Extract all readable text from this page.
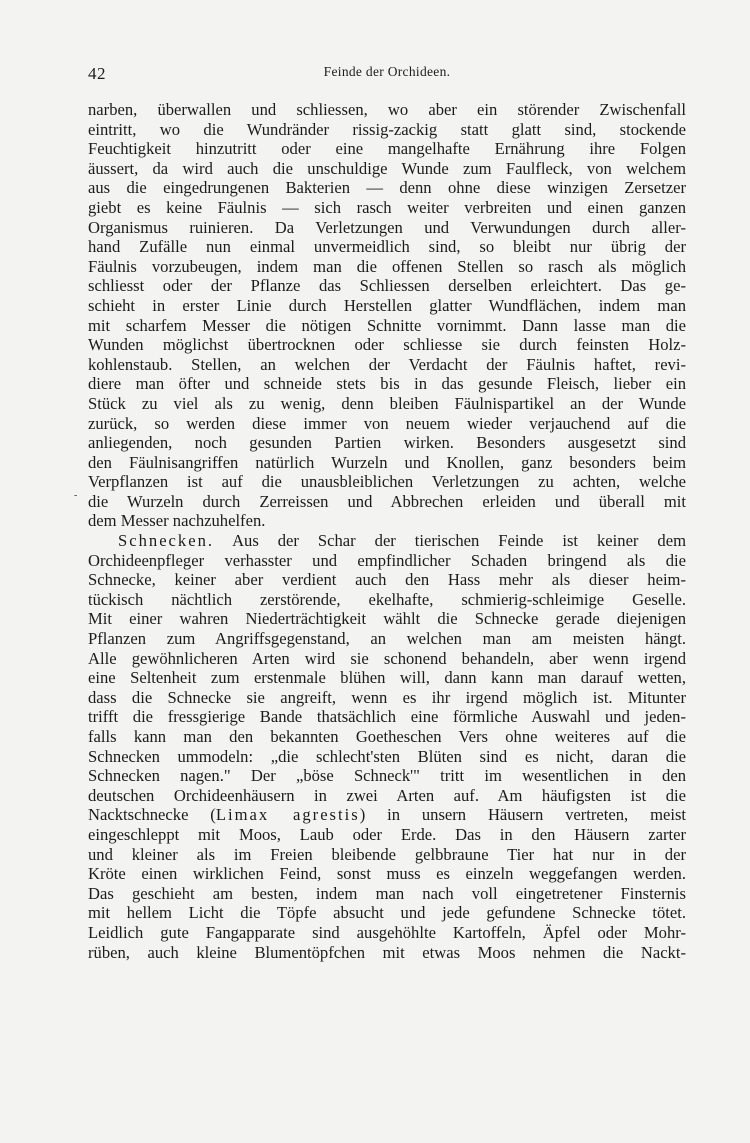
42	Feinde der Orchideen.
-
narben, überwallen und schliessen, wo aber ein störender Zwischenfall
eintritt, wo die Wundränder rissig-zackig statt glatt sind, stockende
Feuchtigkeit hinzutritt oder eine mangelhafte Ernährung ihre Folgen
äussert, da wird auch die unschuldige Wunde zum Faulfleck, von welchem
aus die eingedrungenen Bakterien — denn ohne diese winzigen Zersetzer
giebt es keine Fäulnis — sich rasch weiter verbreiten und einen ganzen
Organismus ruinieren. Da Verletzungen und Verwundungen durch aller-
hand Zufälle nun einmal unvermeidlich sind, so bleibt nur übrig der
Fäulnis vorzubeugen, indem man die offenen Stellen so rasch als möglich
schliesst oder der Pflanze das Schliessen derselben erleichtert. Das ge-
schieht in erster Linie durch Herstellen glatter Wundflächen, indem man
mit scharfem Messer die nötigen Schnitte vornimmt. Dann lasse man die
Wunden möglichst übertrocknen oder schliesse sie durch feinsten Holz-
kohlenstaub. Stellen, an welchen der Verdacht der Fäulnis haftet, revi-
diere man öfter und schneide stets bis in das gesunde Fleisch, lieber ein
Stück zu viel als zu wenig, denn bleiben Fäulnispartikel an der Wunde
zurück, so werden diese immer von neuem wieder verjauchend auf die
anliegenden, noch gesunden Partien wirken. Besonders ausgesetzt sind
den Fäulnisangriffen natürlich Wurzeln und Knollen, ganz besonders beim
Verpflanzen ist auf die unausbleiblichen Verletzungen zu achten, welche
die Wurzeln durch Zerreissen und Abbrechen erleiden und überall mit
dem Messer nachzuhelfen.
Schnecken. Aus der Schar der tierischen Feinde ist keiner dem
Orchideenpfleger verhasster und empfindlicher Schaden bringend als die
Schnecke, keiner aber verdient auch den Hass mehr als dieser heim-
tückisch nächtlich zerstörende, ekelhafte, schmierig-schleimige Geselle.
Mit einer wahren Niederträchtigkeit wählt die Schnecke gerade diejenigen
Pflanzen zum Angriffsgegenstand, an welchen man am meisten hängt.
Alle gewöhnlicheren Arten wird sie schonend behandeln, aber wenn irgend
eine Seltenheit zum erstenmale blühen will, dann kann man darauf wetten,
dass die Schnecke sie angreift, wenn es ihr irgend möglich ist. Mitunter
trifft die fressgierige Bande thatsächlich eine förmliche Auswahl und jeden-
falls kann man den bekannten Goetheschen Vers ohne weiteres auf die
Schnecken ummodeln: „die schlecht'sten Blüten sind es nicht, daran die
Schnecken nagen." Der „böse Schneck'" tritt im wesentlichen in den
deutschen Orchideenhäusern in zwei Arten auf. Am häufigsten ist die
Nacktschnecke (Limax agrestis) in unsern Häusern vertreten, meist
eingeschleppt mit Moos, Laub oder Erde. Das in den Häusern zarter
und kleiner als im Freien bleibende gelbbraune Tier hat nur in der
Kröte einen wirklichen Feind, sonst muss es einzeln weggefangen werden.
Das geschieht am besten, indem man nach voll eingetretener Finsternis
mit hellem Licht die Töpfe absucht und jede gefundene Schnecke tötet.
Leidlich gute Fangapparate sind ausgehöhlte Kartoffeln, Äpfel oder Mohr-
rüben, auch kleine Blumentöpfchen mit etwas Moos nehmen die Nackt-
